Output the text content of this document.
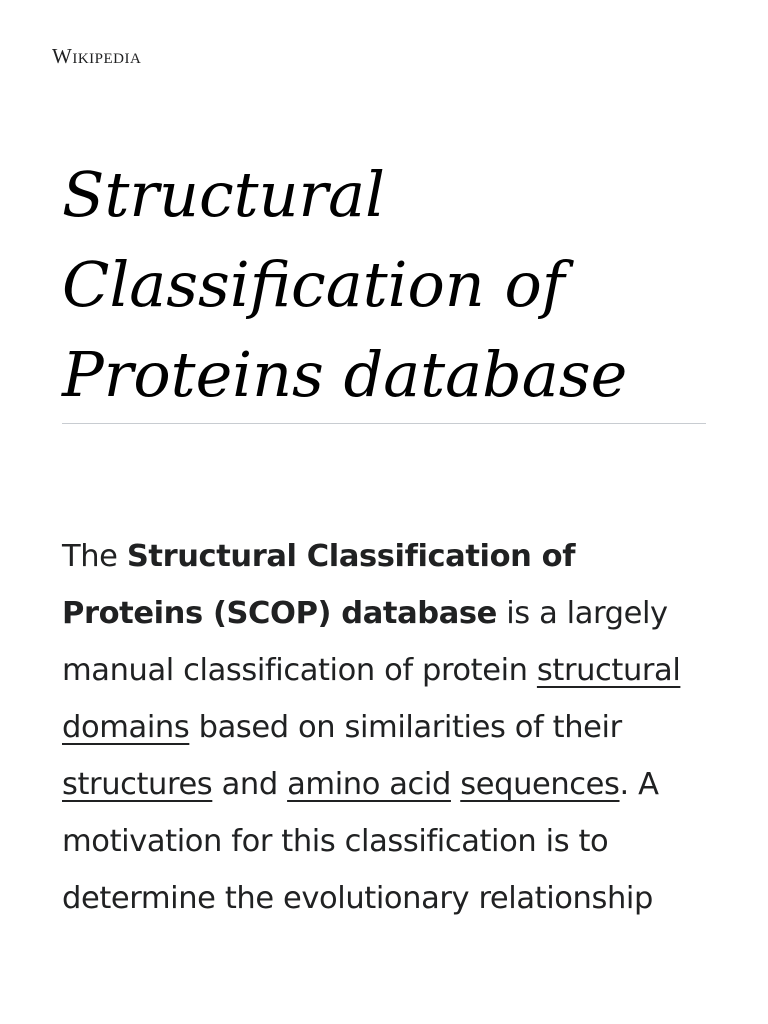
Wikipedia
Structural Classification of Proteins database

The Structural Classification of Proteins (SCOP) database is a largely manual classification of protein structural domains based on similarities of their structures and amino acid sequences. A motivation for this classification is to determine the evolutionary relationship
